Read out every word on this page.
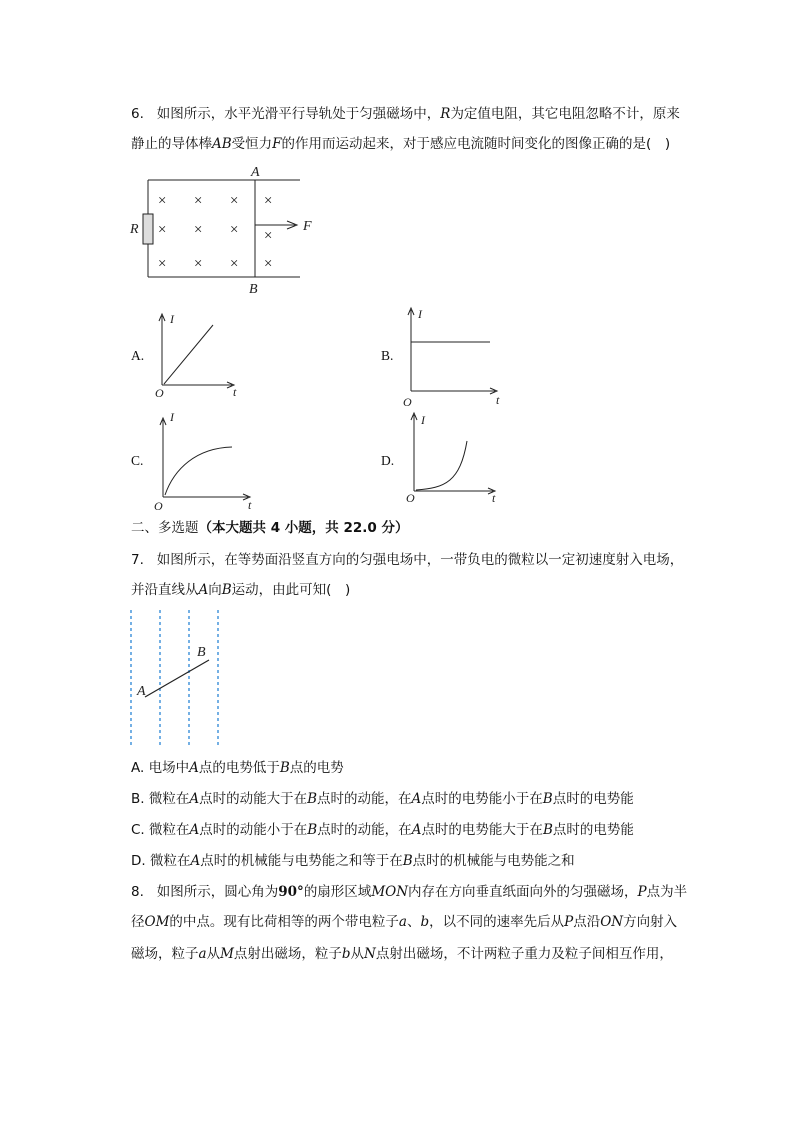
6. 如图所示，水平光滑平行导轨处于匀强磁场中，R为定值电阻，其它电阻忽略不计，原来
静止的导体棒AB受恒力F的作用而运动起来，对于感应电流随时间变化的图像正确的是(　)
× × × ×
× × × ×
× × × ×
A
B
R	F
A.	B.
C.	D.
I
t
O
I
t
O
I
t
O
I
t
O
二、多选题（本大题共 4 小题，共 22.0 分）
7. 如图所示，在等势面沿竖直方向的匀强电场中，一带负电的微粒以一定初速度射入电场，
并沿直线从A向B运动，由此可知(　)
A
B
A. 电场中A点的电势低于B点的电势
B. 微粒在A点时的动能大于在B点时的动能，在A点时的电势能小于在B点时的电势能
C. 微粒在A点时的动能小于在B点时的动能，在A点时的电势能大于在B点时的电势能
D. 微粒在A点时的机械能与电势能之和等于在B点时的机械能与电势能之和
8. 如图所示，圆心角为90°的扇形区域MON内存在方向垂直纸面向外的匀强磁场，P点为半
径OM的中点。现有比荷相等的两个带电粒子a、b，以不同的速率先后从P点沿ON方向射入
磁场，粒子a从M点射出磁场，粒子b从N点射出磁场，不计两粒子重力及粒子间相互作用，
